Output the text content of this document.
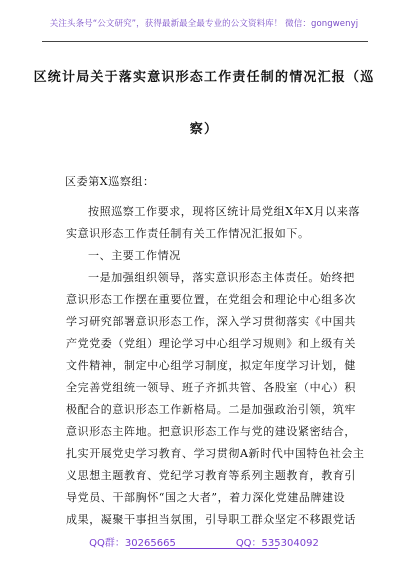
关注头条号“公文研究”，获得最新最全最专业的公文资料库！ 微信：gongwenyj
区统计局关于落实意识形态工作责任制的情况汇报（巡
察）

区委第X巡察组：

按照巡察工作要求，现将区统计局党组X年X月以来落

实意识形态工作责任制有关工作情况汇报如下。

一、主要工作情况

一是加强组织领导，落实意识形态主体责任。始终把

意识形态工作摆在重要位置，在党组会和理论中心组多次

学习研究部署意识形态工作，深入学习贯彻落实《中国共

产党党委（党组）理论学习中心组学习规则》和上级有关

文件精神，制定中心组学习制度，拟定年度学习计划，健

全完善党组统一领导、班子齐抓共管、各股室（中心）积

极配合的意识形态工作新格局。二是加强政治引领，筑牢

意识形态主阵地。把意识形态工作与党的建设紧密结合，

扎实开展党史学习教育、学习贯彻A新时代中国特色社会主

义思想主题教育、党纪学习教育等系列主题教育，教育引

导党员、干部胸怀“国之大者”，着力深化党建品牌建设

成果，凝聚干事担当氛围，引导职工群众坚定不移跟党话

QQ群：30265665	QQ：535304092
